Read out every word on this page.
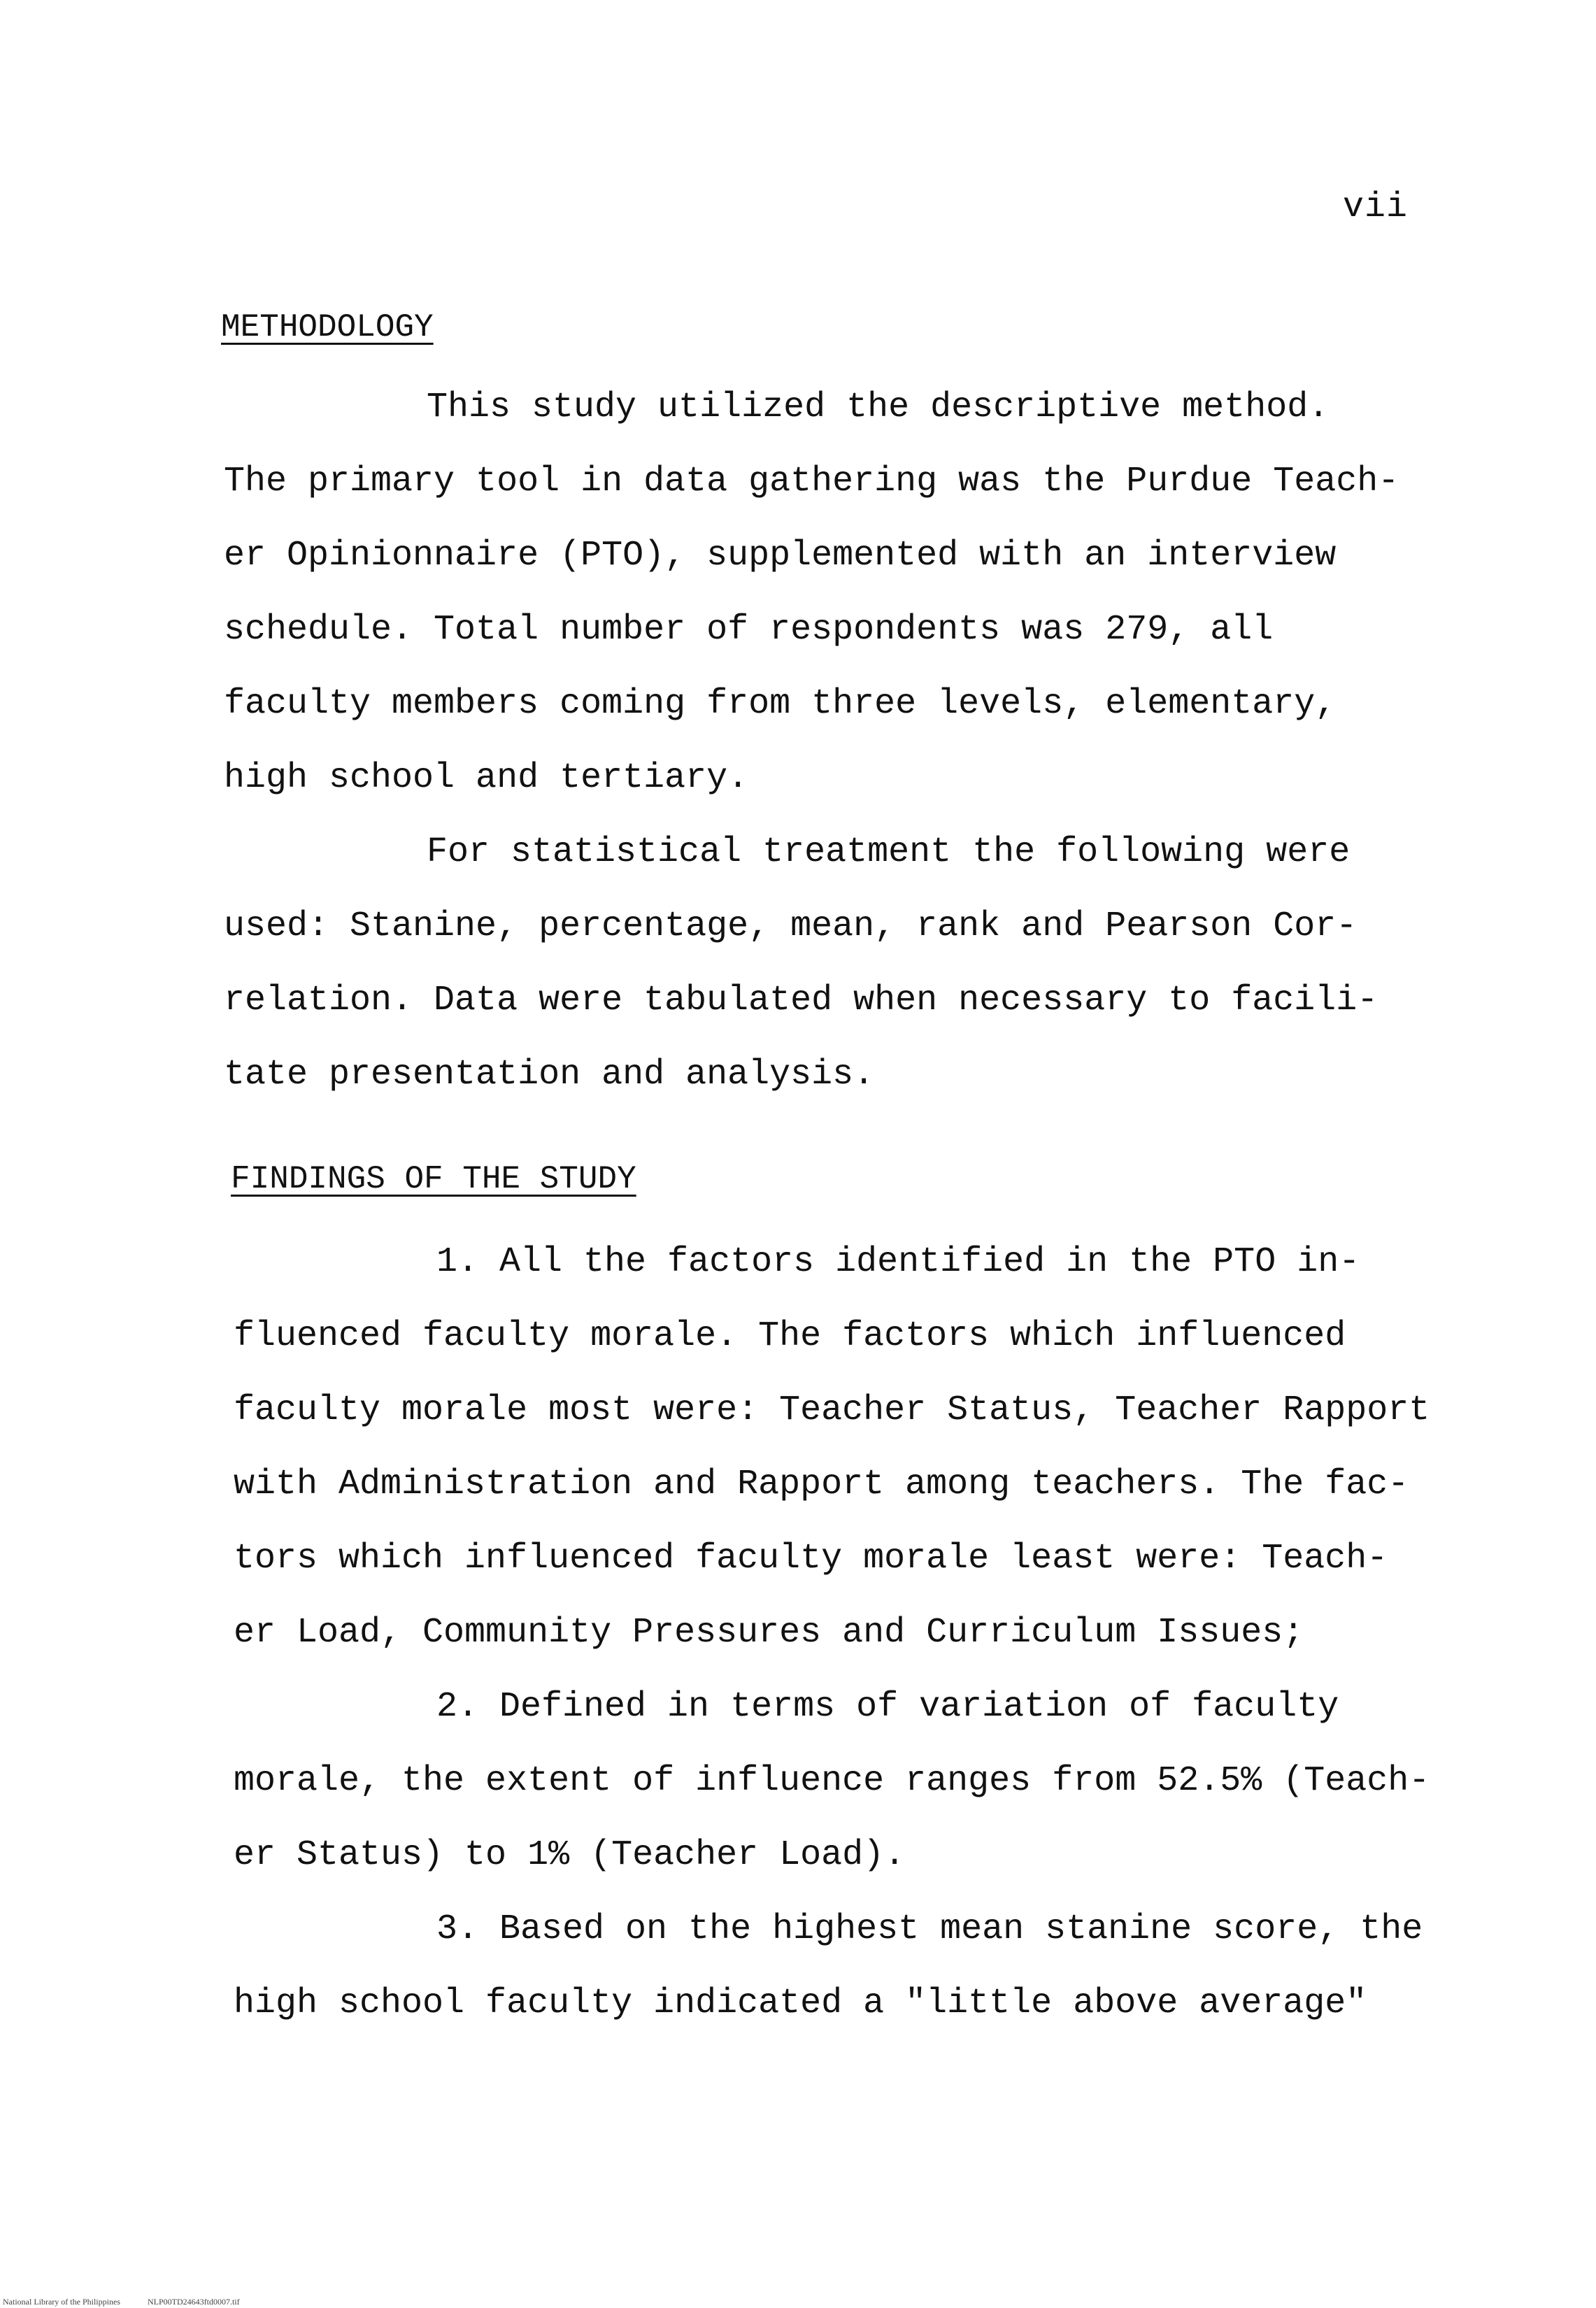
vii
METHODOLOGY
This study utilized the descriptive method.
The primary tool in data gathering was the Purdue Teach-
er Opinionnaire (PTO), supplemented with an interview
schedule. Total number of respondents was 279, all
faculty members coming from three levels, elementary,
high school and tertiary.
For statistical treatment the following were
used: Stanine, percentage, mean, rank and Pearson Cor-
relation. Data were tabulated when necessary to facili-
tate presentation and analysis.
FINDINGS OF THE STUDY
1. All the factors identified in the PTO in-
fluenced faculty morale. The factors which influenced
faculty morale most were: Teacher Status, Teacher Rapport
with Administration and Rapport among teachers. The fac-
tors which influenced faculty morale least were: Teach-
er Load, Community Pressures and Curriculum Issues;
2. Defined in terms of variation of faculty
morale, the extent of influence ranges from 52.5% (Teach-
er Status) to 1% (Teacher Load).
3. Based on the highest mean stanine score, the
high school faculty indicated a "little above average"
National Library of the Philippines	NLP00TD24643ftd0007.tif
